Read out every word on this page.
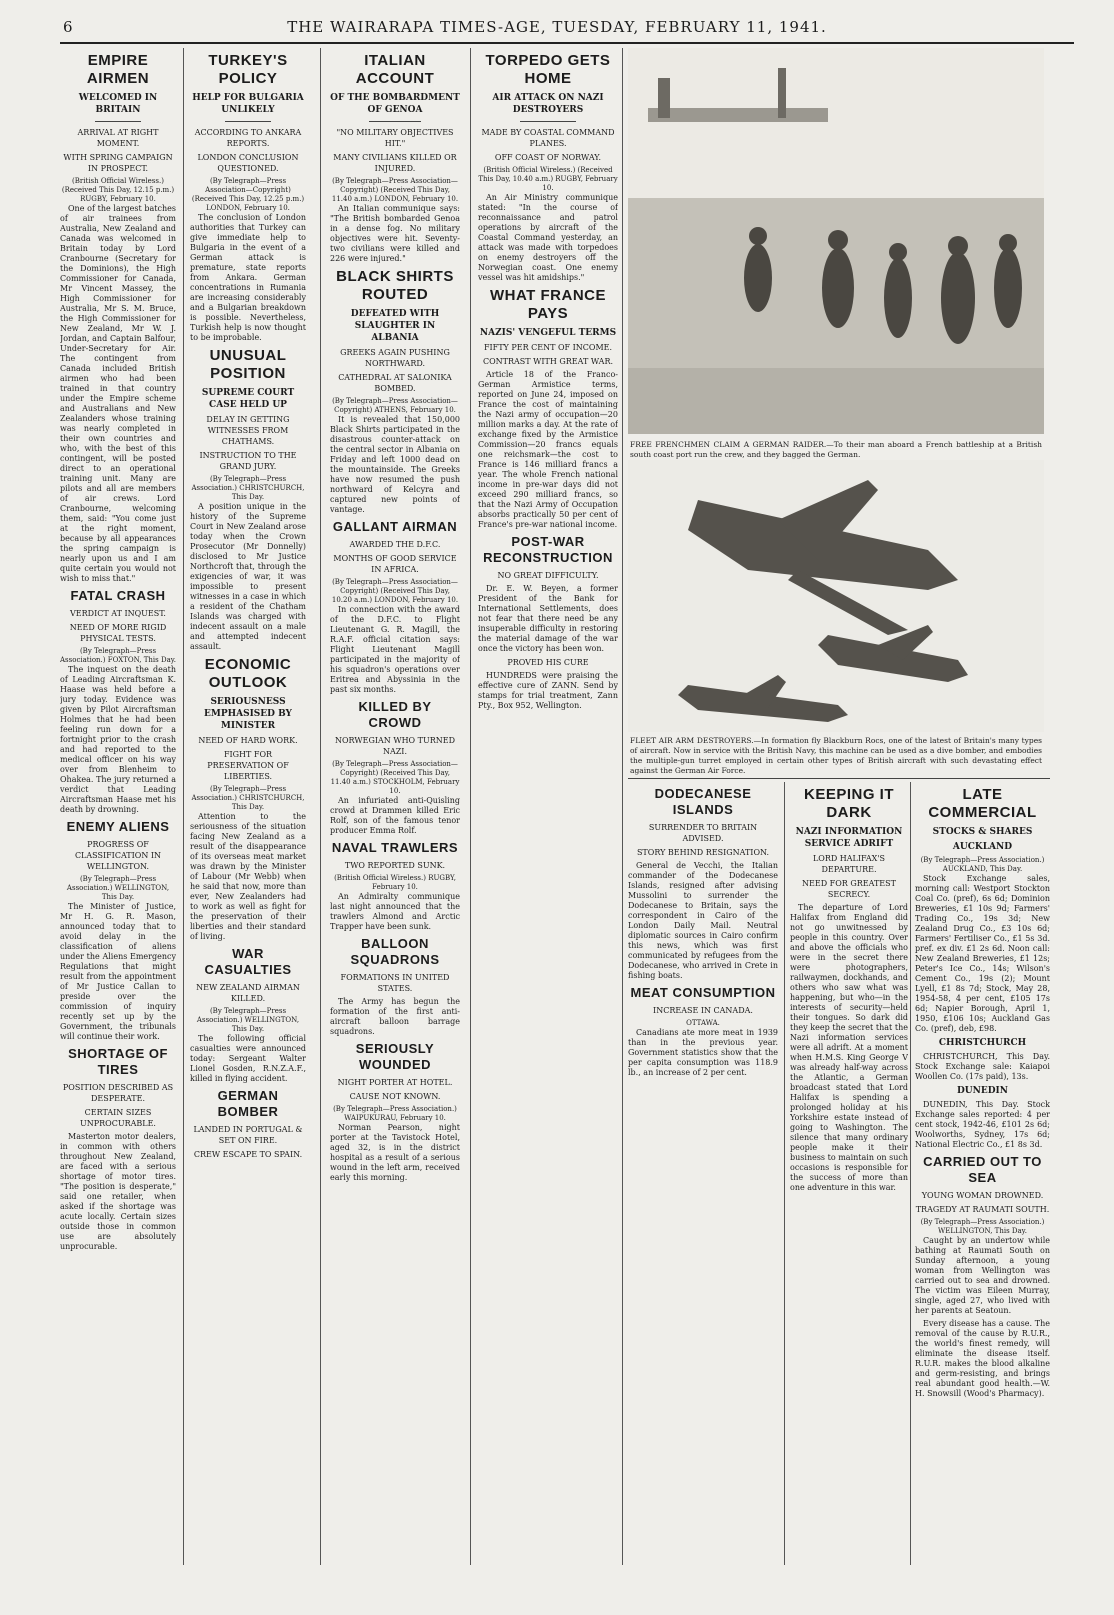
6	THE WAIRARAPA TIMES-AGE, TUESDAY, FEBRUARY 11, 1941.
EMPIRE AIRMEN
WELCOMED IN BRITAIN
ARRIVAL AT RIGHT MOMENT.
WITH SPRING CAMPAIGN IN PROSPECT.
(British Official Wireless.) (Received This Day, 12.15 p.m.) RUGBY, February 10.

One of the largest batches of air trainees from Australia, New Zealand and Canada was welcomed in Britain today by Lord Cranbourne (Secretary for the Dominions), the High Commissioner for Canada, Mr Vincent Massey, the High Commissioner for Australia, Mr S. M. Bruce, the High Commissioner for New Zealand, Mr W. J. Jordan, and Captain Balfour, Under-Secretary for Air. The contingent from Canada included British airmen who had been trained in that country under the Empire scheme and Australians and New Zealanders whose training was nearly completed in their own countries and who, with the best of this contingent, will be posted direct to an operational training unit. Many are pilots and all are members of air crews. Lord Cranbourne, welcoming them, said: "You come just at the right moment, because by all appearances the spring campaign is nearly upon us and I am quite certain you would not wish to miss that."

FATAL CRASH
VERDICT AT INQUEST.
NEED OF MORE RIGID PHYSICAL TESTS.
(By Telegraph—Press Association.) FOXTON, This Day.

The inquest on the death of Leading Aircraftsman K. Haase was held before a jury today. Evidence was given by Pilot Aircraftsman Holmes that he had been feeling run down for a fortnight prior to the crash and had reported to the medical officer on his way over from Blenheim to Ohakea. The jury returned a verdict that Leading Aircraftsman Haase met his death by drowning.

ENEMY ALIENS
PROGRESS OF CLASSIFICATION IN WELLINGTON.
(By Telegraph—Press Association.) WELLINGTON, This Day.

The Minister of Justice, Mr H. G. R. Mason, announced today that to avoid delay in the classification of aliens under the Aliens Emergency Regulations that might result from the appointment of Mr Justice Callan to preside over the commission of inquiry recently set up by the Government, the tribunals will continue their work.

SHORTAGE OF TIRES
POSITION DESCRIBED AS DESPERATE.
CERTAIN SIZES UNPROCURABLE.

Masterton motor dealers, in common with others throughout New Zealand, are faced with a serious shortage of motor tires. "The position is desperate," said one retailer, when asked if the shortage was acute locally. Certain sizes outside those in common use are absolutely unprocurable.

TURKEY'S POLICY
HELP FOR BULGARIA UNLIKELY
ACCORDING TO ANKARA REPORTS.
LONDON CONCLUSION QUESTIONED.
(By Telegraph—Press Association—Copyright) (Received This Day, 12.25 p.m.) LONDON, February 10.

The conclusion of London authorities that Turkey can give immediate help to Bulgaria in the event of a German attack is premature, state reports from Ankara. German concentrations in Rumania are increasing considerably and a Bulgarian breakdown is possible. Nevertheless, Turkish help is now thought to be improbable.

UNUSUAL POSITION
SUPREME COURT CASE HELD UP
DELAY IN GETTING WITNESSES FROM CHATHAMS.
INSTRUCTION TO THE GRAND JURY.
(By Telegraph—Press Association.) CHRISTCHURCH, This Day.

A position unique in the history of the Supreme Court in New Zealand arose today when the Crown Prosecutor (Mr Donnelly) disclosed to Mr Justice Northcroft that, through the exigencies of war, it was impossible to present witnesses in a case in which a resident of the Chatham Islands was charged with indecent assault on a male and attempted indecent assault.

ECONOMIC OUTLOOK
SERIOUSNESS EMPHASISED BY MINISTER
NEED OF HARD WORK.
FIGHT FOR PRESERVATION OF LIBERTIES.
(By Telegraph—Press Association.) CHRISTCHURCH, This Day.

Attention to the seriousness of the situation facing New Zealand as a result of the disappearance of its overseas meat market was drawn by the Minister of Labour (Mr Webb) when he said that now, more than ever, New Zealanders had to work as well as fight for the preservation of their liberties and their standard of living.

WAR CASUALTIES
NEW ZEALAND AIRMAN KILLED.
(By Telegraph—Press Association.) WELLINGTON, This Day.

The following official casualties were announced today: Sergeant Walter Lionel Gosden, R.N.Z.A.F., killed in flying accident.

GERMAN BOMBER
LANDED IN PORTUGAL & SET ON FIRE.
CREW ESCAPE TO SPAIN.
ITALIAN ACCOUNT
OF THE BOMBARDMENT OF GENOA
"NO MILITARY OBJECTIVES HIT."
MANY CIVILIANS KILLED OR INJURED.
(By Telegraph—Press Association—Copyright) (Received This Day, 11.40 a.m.) LONDON, February 10.

An Italian communique says: "The British bombarded Genoa in a dense fog. No military objectives were hit. Seventy-two civilians were killed and 226 were injured."

BLACK SHIRTS ROUTED
DEFEATED WITH SLAUGHTER IN ALBANIA
GREEKS AGAIN PUSHING NORTHWARD.
CATHEDRAL AT SALONIKA BOMBED.
(By Telegraph—Press Association—Copyright) ATHENS, February 10.

It is revealed that 150,000 Black Shirts participated in the disastrous counter-attack on the central sector in Albania on Friday and left 1000 dead on the mountainside. The Greeks have now resumed the push northward of Kelcyra and captured new points of vantage.

GALLANT AIRMAN
AWARDED THE D.F.C.
MONTHS OF GOOD SERVICE IN AFRICA.
(By Telegraph—Press Association—Copyright) (Received This Day, 10.20 a.m.) LONDON, February 10.

In connection with the award of the D.F.C. to Flight Lieutenant G. R. Magill, the R.A.F. official citation says: Flight Lieutenant Magill participated in the majority of his squadron's operations over Eritrea and Abyssinia in the past six months.

KILLED BY CROWD
NORWEGIAN WHO TURNED NAZI.
(By Telegraph—Press Association—Copyright) (Received This Day, 11.40 a.m.) STOCKHOLM, February 10.

An infuriated anti-Quisling crowd at Drammen killed Eric Rolf, son of the famous tenor producer Emma Rolf.

NAVAL TRAWLERS
TWO REPORTED SUNK.
(British Official Wireless.) RUGBY, February 10.

An Admiralty communique last night announced that the trawlers Almond and Arctic Trapper have been sunk.

BALLOON SQUADRONS
FORMATIONS IN UNITED STATES.

The Army has begun the formation of the first anti-aircraft balloon barrage squadrons.

SERIOUSLY WOUNDED
NIGHT PORTER AT HOTEL.
CAUSE NOT KNOWN.
(By Telegraph—Press Association.) WAIPUKURAU, February 10.

Norman Pearson, night porter at the Tavistock Hotel, aged 32, is in the district hospital as a result of a serious wound in the left arm, received early this morning.

TORPEDO GETS HOME
AIR ATTACK ON NAZI DESTROYERS
MADE BY COASTAL COMMAND PLANES.
OFF COAST OF NORWAY.
(British Official Wireless.) (Received This Day, 10.40 a.m.) RUGBY, February 10.

An Air Ministry communique stated: "In the course of reconnaissance and patrol operations by aircraft of the Coastal Command yesterday, an attack was made with torpedoes on enemy destroyers off the Norwegian coast. One enemy vessel was hit amidships."

WHAT FRANCE PAYS
NAZIS' VENGEFUL TERMS
FIFTY PER CENT OF INCOME.
CONTRAST WITH GREAT WAR.

Article 18 of the Franco-German Armistice terms, reported on June 24, imposed on France the cost of maintaining the Nazi army of occupation—20 million marks a day. At the rate of exchange fixed by the Armistice Commission—20 francs equals one reichsmark—the cost to France is 146 milliard francs a year. The whole French national income in pre-war days did not exceed 290 milliard francs, so that the Nazi Army of Occupation absorbs practically 50 per cent of France's pre-war national income.

POST-WAR RECONSTRUCTION
NO GREAT DIFFICULTY.

Dr. E. W. Beyen, a former President of the Bank for International Settlements, does not fear that there need be any insuperable difficulty in restoring the material damage of the war once the victory has been won.

PROVED HIS CURE

HUNDREDS were praising the effective cure of ZANN. Send by stamps for trial treatment, Zann Pty., Box 952, Wellington.

FREE FRENCHMEN CLAIM A GERMAN RAIDER.—To their man aboard a French battleship at a British south coast port run the crew, and they bagged the German.
FLEET AIR ARM DESTROYERS.—In formation fly Blackburn Rocs, one of the latest of Britain's many types of aircraft. Now in service with the British Navy, this machine can be used as a dive bomber, and embodies the multiple-gun turret employed in certain other types of British aircraft with such devastating effect against the German Air Force.
DODECANESE ISLANDS
SURRENDER TO BRITAIN ADVISED.
STORY BEHIND RESIGNATION.

General de Vecchi, the Italian commander of the Dodecanese Islands, resigned after advising Mussolini to surrender the Dodecanese to Britain, says the correspondent in Cairo of the London Daily Mail. Neutral diplomatic sources in Cairo confirm this news, which was first communicated by refugees from the Dodecanese, who arrived in Crete in fishing boats.

MEAT CONSUMPTION
INCREASE IN CANADA.
OTTAWA.

Canadians ate more meat in 1939 than in the previous year. Government statistics show that the per capita consumption was 118.9 lb., an increase of 2 per cent.

KEEPING IT DARK
NAZI INFORMATION SERVICE ADRIFT
LORD HALIFAX'S DEPARTURE.
NEED FOR GREATEST SECRECY.

The departure of Lord Halifax from England did not go unwitnessed by people in this country. Over and above the officials who were in the secret there were photographers, railwaymen, dockhands, and others who saw what was happening, but who—in the interests of security—held their tongues. So dark did they keep the secret that the Nazi information services were all adrift. At a moment when H.M.S. King George V was already half-way across the Atlantic, a German broadcast stated that Lord Halifax is spending a prolonged holiday at his Yorkshire estate instead of going to Washington. The silence that many ordinary people make it their business to maintain on such occasions is responsible for the success of more than one adventure in this war.

LATE COMMERCIAL
STOCKS & SHARES
AUCKLAND
(By Telegraph—Press Association.) AUCKLAND, This Day.

Stock Exchange sales, morning call: Westport Stockton Coal Co. (pref), 6s 6d; Dominion Breweries, £1 10s 9d; Farmers' Trading Co., 19s 3d; New Zealand Drug Co., £3 10s 6d; Farmers' Fertiliser Co., £1 5s 3d. pref. ex div. £1 2s 6d. Noon call: New Zealand Breweries, £1 12s; Peter's Ice Co., 14s; Wilson's Cement Co., 19s (2); Mount Lyell, £1 8s 7d; Stock, May 28, 1954-58, 4 per cent, £105 17s 6d; Napier Borough, April 1, 1950, £106 10s; Auckland Gas Co. (pref), deb, £98.

CHRISTCHURCH

CHRISTCHURCH, This Day. Stock Exchange sale: Kaiapoi Woollen Co. (17s paid), 13s.

DUNEDIN

DUNEDIN, This Day. Stock Exchange sales reported: 4 per cent stock, 1942-46, £101 2s 6d; Woolworths, Sydney, 17s 6d; National Electric Co., £1 8s 3d.

CARRIED OUT TO SEA
YOUNG WOMAN DROWNED.
TRAGEDY AT RAUMATI SOUTH.
(By Telegraph—Press Association.) WELLINGTON, This Day.

Caught by an undertow while bathing at Raumati South on Sunday afternoon, a young woman from Wellington was carried out to sea and drowned. The victim was Eileen Murray, single, aged 27, who lived with her parents at Seatoun.

Every disease has a cause. The removal of the cause by R.U.R., the world's finest remedy, will eliminate the disease itself. R.U.R. makes the blood alkaline and germ-resisting, and brings real abundant good health.—W. H. Snowsill (Wood's Pharmacy).
